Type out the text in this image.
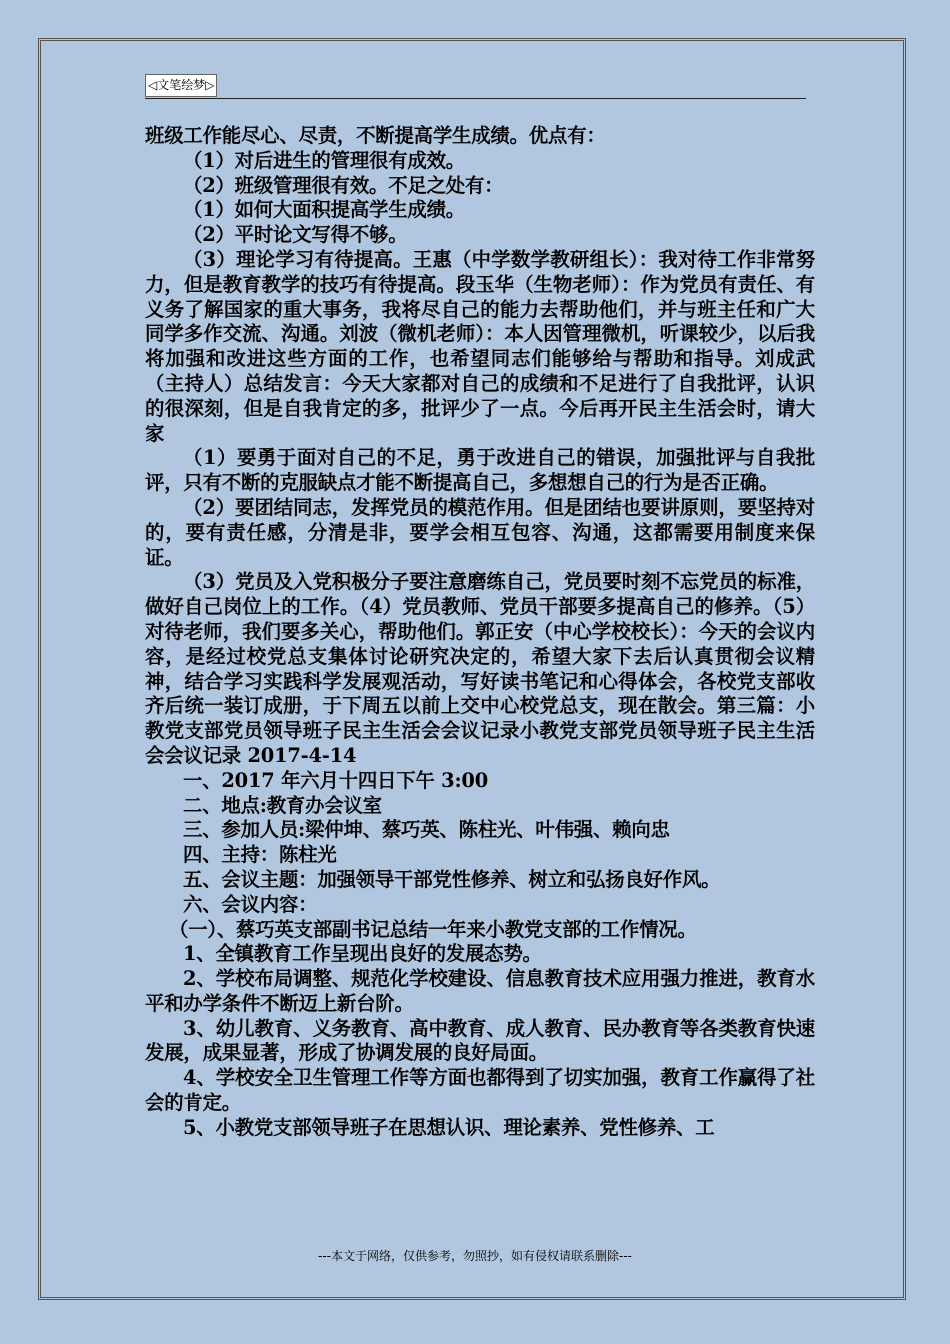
◁文笔绘梦▷

班级工作能尽心、尽责，不断提高学生成绩。优点有：

（1）对后进生的管理很有成效。

（2）班级管理很有效。不足之处有：

（1）如何大面积提高学生成绩。

（2）平时论文写得不够。

（3）理论学习有待提高。王惠（中学数学教研组长）：我对待工作非常努力，但是教育教学的技巧有待提高。段玉华（生物老师）：作为党员有责任、有义务了解国家的重大事务，我将尽自己的能力去帮助他们，并与班主任和广大同学多作交流、沟通。刘波（微机老师）：本人因管理微机，听课较少，以后我将加强和改进这些方面的工作，也希望同志们能够给与帮助和指导。刘成武（主持人）总结发言：今天大家都对自己的成绩和不足进行了自我批评，认识的很深刻，但是自我肯定的多，批评少了一点。今后再开民主生活会时，请大家

（1）要勇于面对自己的不足，勇于改进自己的错误，加强批评与自我批评，只有不断的克服缺点才能不断提高自己，多想想自己的行为是否正确。

（2）要团结同志，发挥党员的模范作用。但是团结也要讲原则，要坚持对的，要有责任感，分清是非，要学会相互包容、沟通，这都需要用制度来保证。

（3）党员及入党积极分子要注意磨练自己，党员要时刻不忘党员的标准，做好自己岗位上的工作。（4）党员教师、党员干部要多提高自己的修养。（5）对待老师，我们要多关心，帮助他们。郭正安（中心学校校长）：今天的会议内容，是经过校党总支集体讨论研究决定的，希望大家下去后认真贯彻会议精神，结合学习实践科学发展观活动，写好读书笔记和心得体会，各校党支部收齐后统一装订成册，于下周五以前上交中心校党总支，现在散会。第三篇：小教党支部党员领导班子民主生活会会议记录小教党支部党员领导班子民主生活会会议记录 2017-4-14

一、2017 年六月十四日下午 3:00

二、地点:教育办会议室

三、参加人员:梁仲坤、蔡巧英、陈柱光、叶伟强、赖向忠

四、主持：陈柱光

五、会议主题：加强领导干部党性修养、树立和弘扬良好作风。

六、会议内容：

（一）、蔡巧英支部副书记总结一年来小教党支部的工作情况。

1、全镇教育工作呈现出良好的发展态势。

2、学校布局调整、规范化学校建设、信息教育技术应用强力推进，教育水平和办学条件不断迈上新台阶。

3、幼儿教育、义务教育、高中教育、成人教育、民办教育等各类教育快速发展，成果显著，形成了协调发展的良好局面。

4、学校安全卫生管理工作等方面也都得到了切实加强，教育工作赢得了社会的肯定。

5、小教党支部领导班子在思想认识、理论素养、党性修养、工

---本文于网络，仅供参考，勿照抄，如有侵权请联系删除---
